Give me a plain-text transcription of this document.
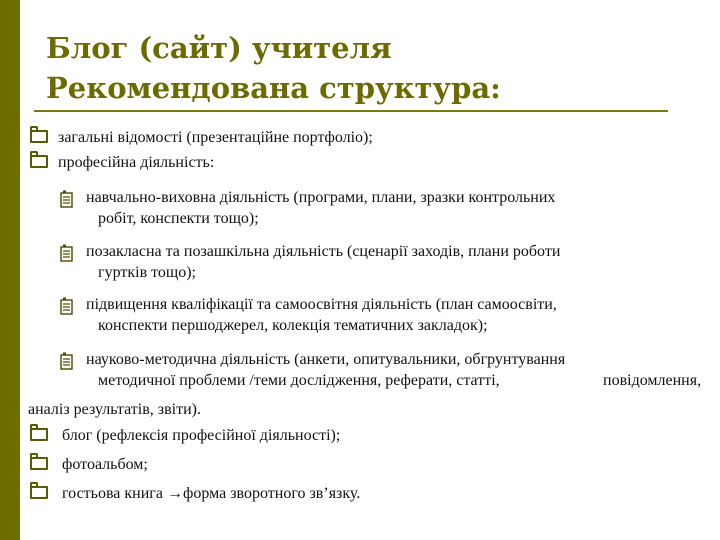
Блог (сайт) учителя
Рекомендована структура:
загальні відомості (презентаційне портфоліо);
професійна діяльність:
навчально-виховна діяльність (програми, плани, зразки контрольних
робіт, конспекти тощо);
позакласна та позашкільна діяльність (сценарії заходів, плани роботи
гуртків тощо);
підвищення кваліфікації та самоосвітня діяльність (план самоосвіти,
конспекти першоджерел, колекція тематичних закладок);
науково-методична діяльність (анкети, опитувальники, обгрунтування
методичної проблеми /теми дослідження, реферати, статті,	повідомлення,
аналіз результатів, звіти).
блог (рефлексія професійної діяльності);
фотоальбом;
гостьова книга →форма зворотного зв’язку.
